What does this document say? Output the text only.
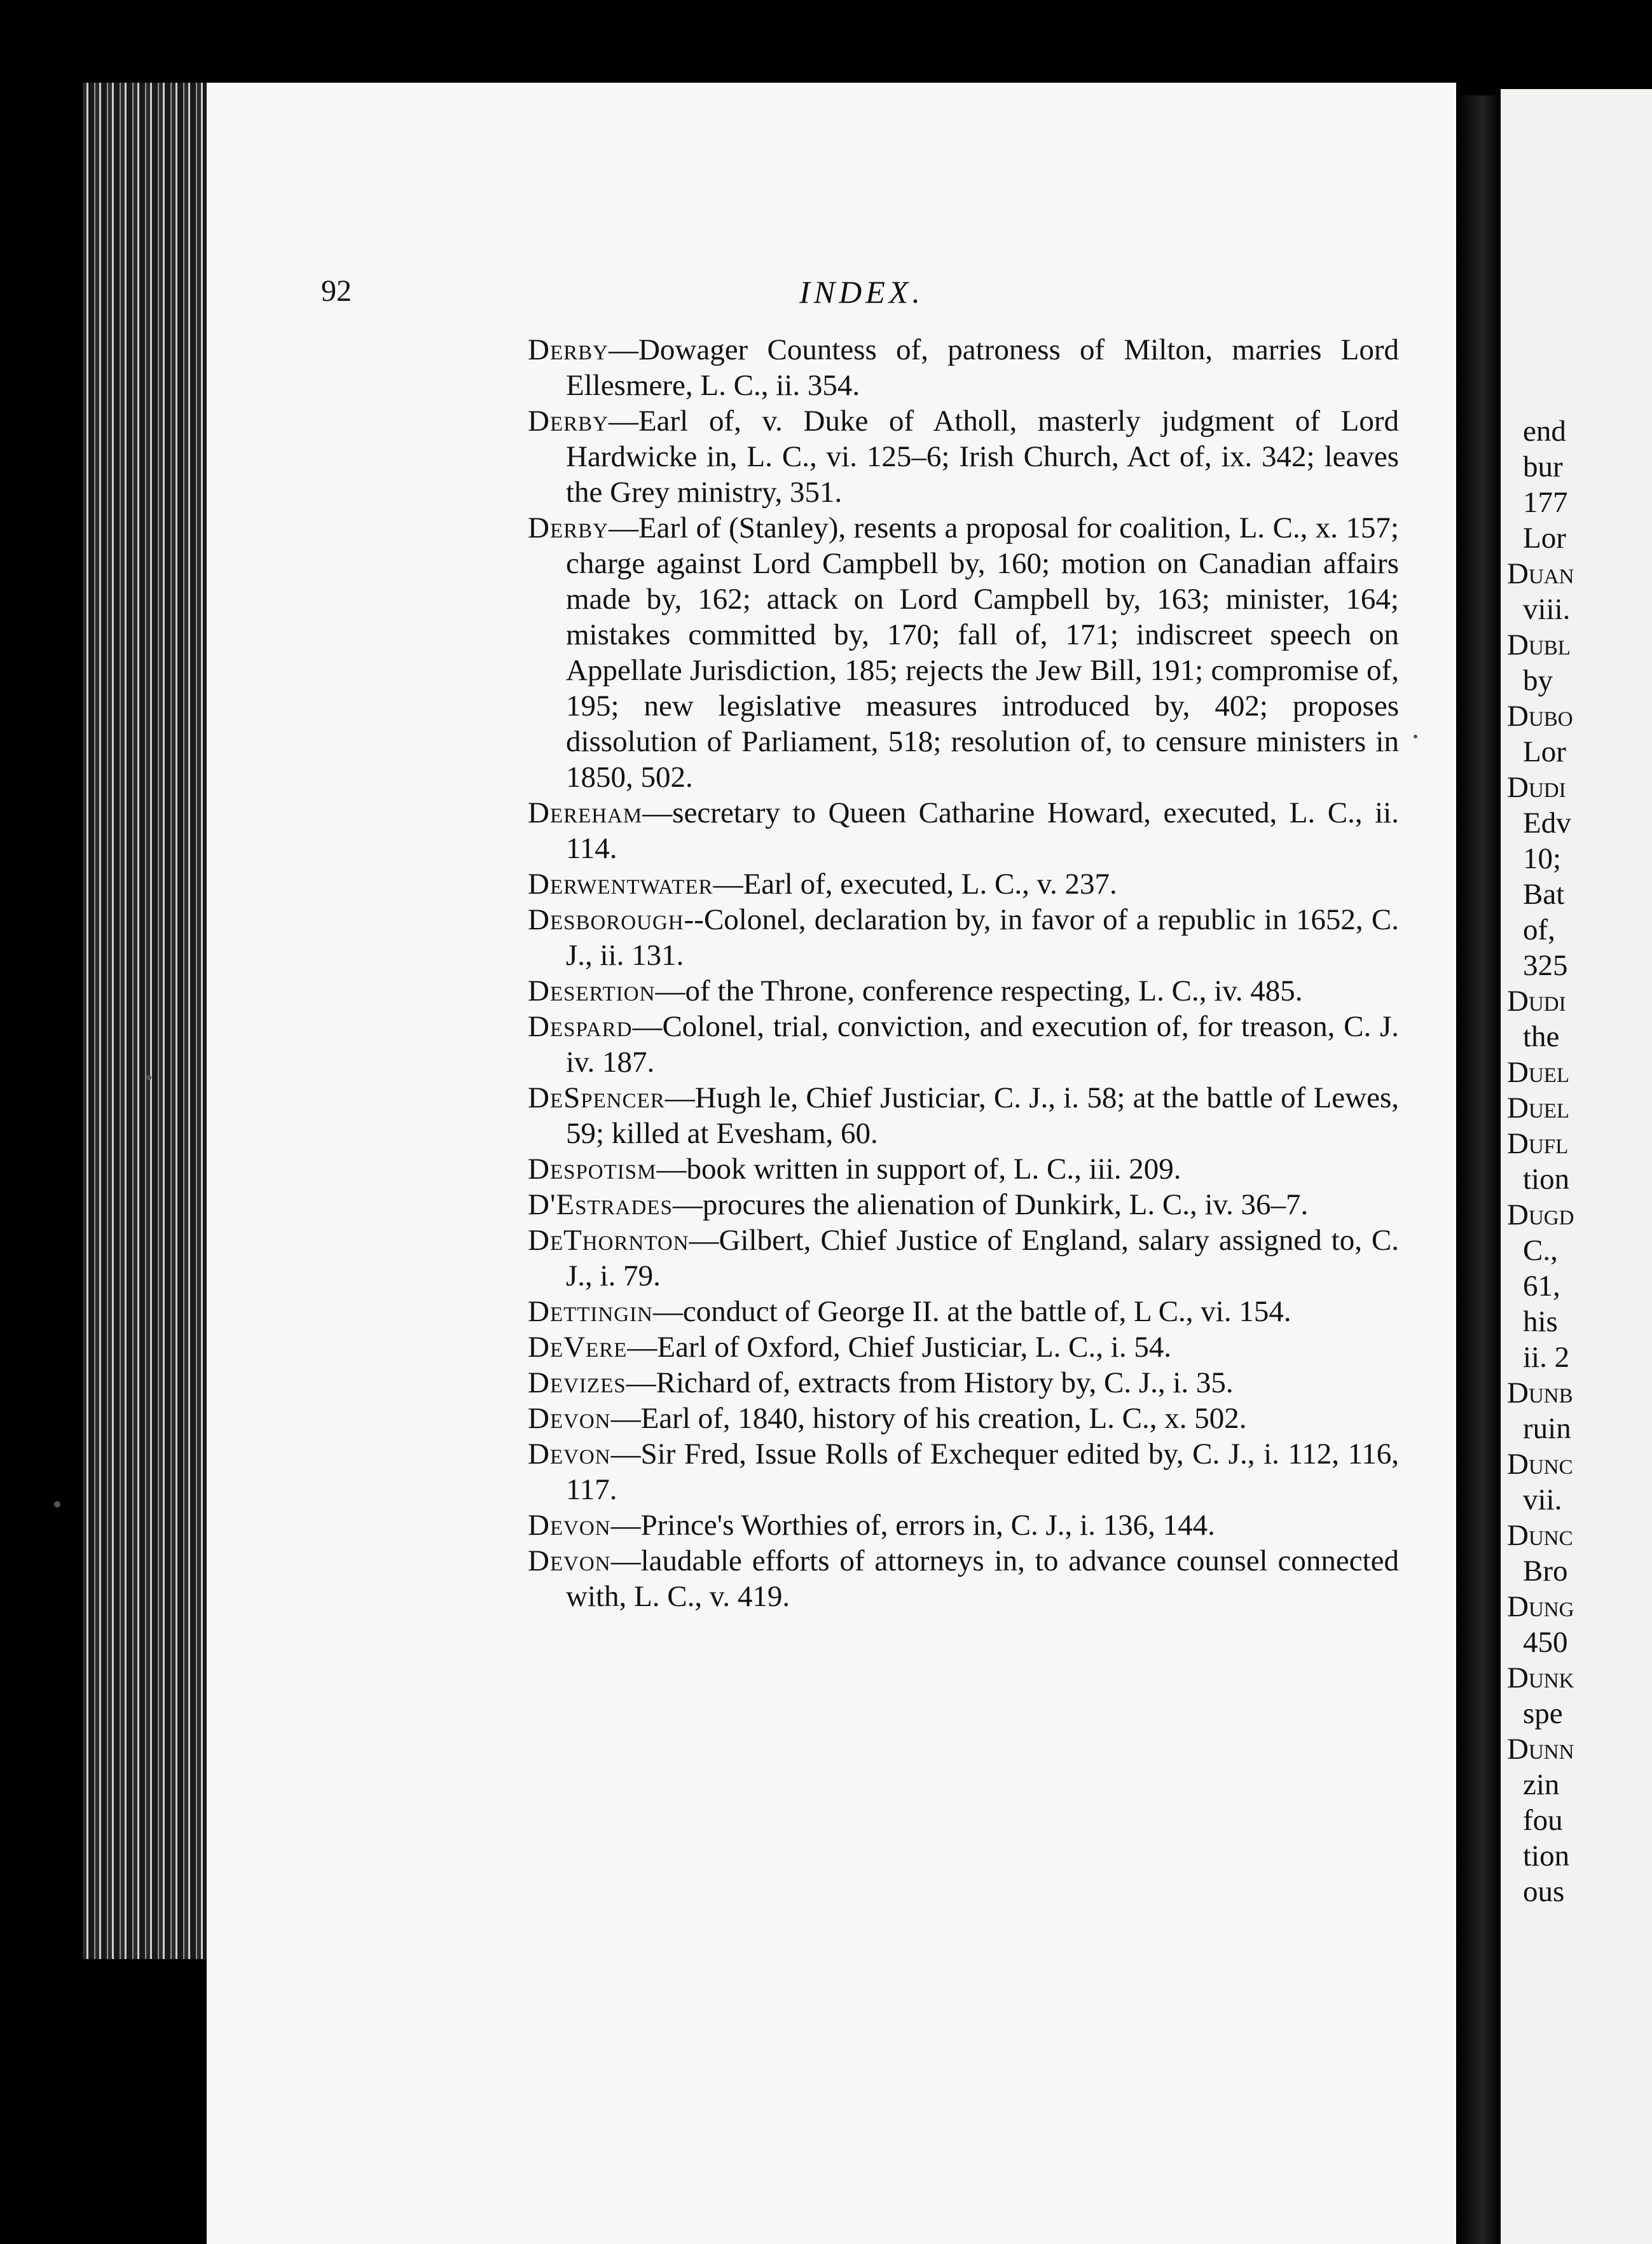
end
bur
177
Lor
Duan
viii.
Dubl
by
Dubo
Lor
Dudi
Edv
10;
Bat
of,
325
Dudi
the
Duel
Duel
Dufl
tion
Dugd
C.,
61,
his
ii. 2
Dunb
ruin
Dunc
vii.
Dunc
Bro
Dung
450
Dunk
spe
Dunn
zin
fou
tion
ous
92	INDEX.
Derby—Dowager Countess of, patroness of Milton, marries Lord Ellesmere, L. C., ii. 354.
Derby—Earl of, v. Duke of Atholl, masterly judgment of Lord Hardwicke in, L. C., vi. 125–6; Irish Church, Act of, ix. 342; leaves the Grey ministry, 351.
Derby—Earl of (Stanley), resents a proposal for coalition, L. C., x. 157; charge against Lord Campbell by, 160; motion on Canadian affairs made by, 162; attack on Lord Campbell by, 163; minister, 164; mistakes committed by, 170; fall of, 171; indiscreet speech on Appellate Jurisdiction, 185; rejects the Jew Bill, 191; compromise of, 195; new legislative measures introduced by, 402; proposes dissolution of Parliament, 518; resolution of, to censure ministers in 1850, 502.
Dereham—secretary to Queen Catharine Howard, executed, L. C., ii. 114.
Derwentwater—Earl of, executed, L. C., v. 237.
Desborough--Colonel, declaration by, in favor of a republic in 1652, C. J., ii. 131.
Desertion—of the Throne, conference respecting, L. C., iv. 485.
Despard—Colonel, trial, conviction, and execution of, for treason, C. J. iv. 187.
DeSpencer—Hugh le, Chief Justiciar, C. J., i. 58; at the battle of Lewes, 59; killed at Evesham, 60.
Despotism—book written in support of, L. C., iii. 209.
D'Estrades—procures the alienation of Dunkirk, L. C., iv. 36–7.
DeThornton—Gilbert, Chief Justice of England, salary assigned to, C. J., i. 79.
Dettingin—conduct of George II. at the battle of, L C., vi. 154.
DeVere—Earl of Oxford, Chief Justiciar, L. C., i. 54.
Devizes—Richard of, extracts from History by, C. J., i. 35.
Devon—Earl of, 1840, history of his creation, L. C., x. 502.
Devon—Sir Fred, Issue Rolls of Exchequer edited by, C. J., i. 112, 116, 117.
Devon—Prince's Worthies of, errors in, C. J., i. 136, 144.
Devon—laudable efforts of attorneys in, to advance counsel connected with, L. C., v. 419.
